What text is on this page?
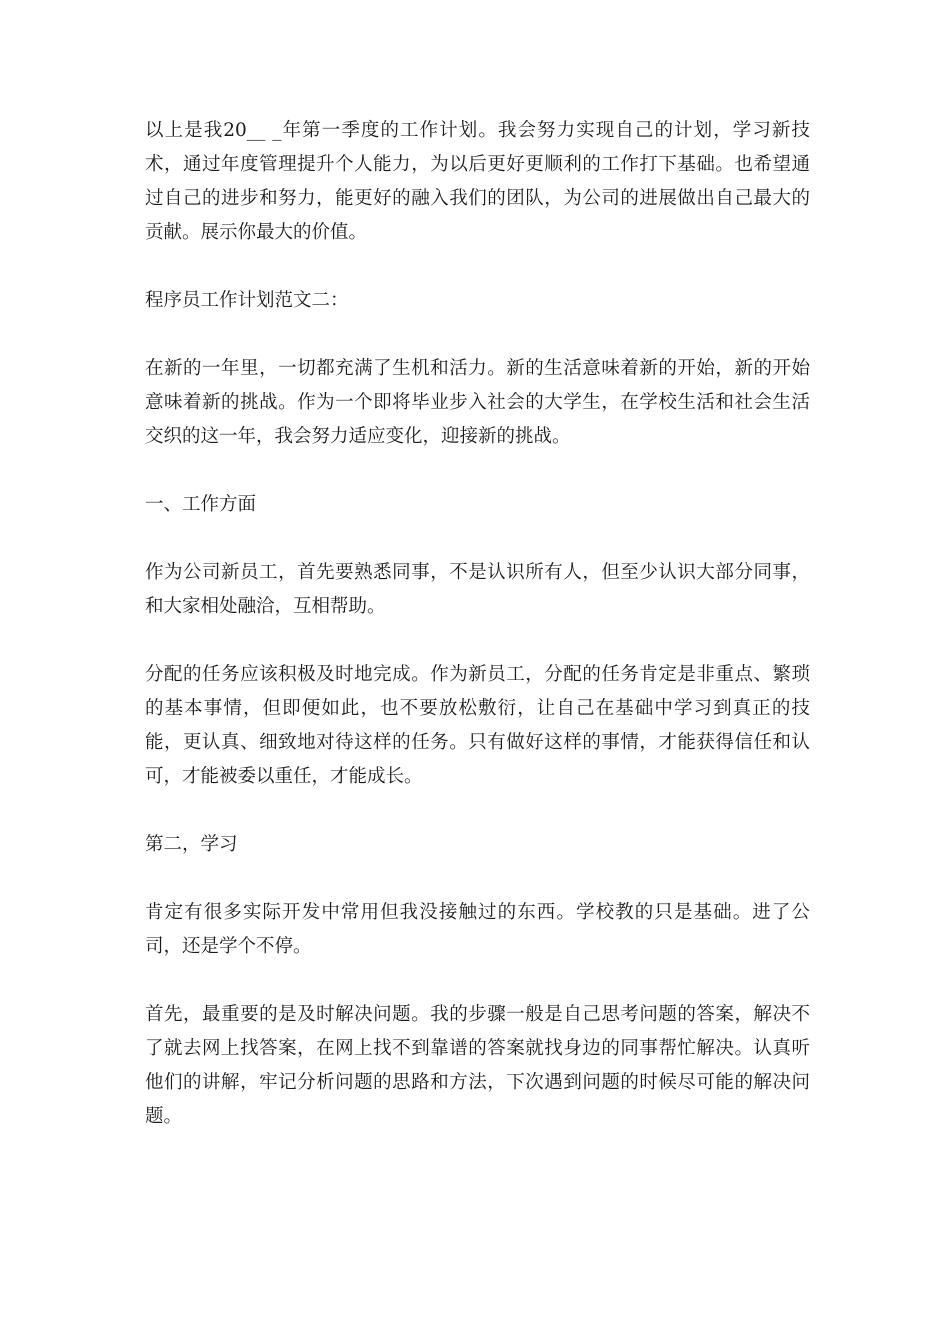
以上是我20__ _年第一季度的工作计划。我会努力实现自己的计划，学习新技术，通过年度管理提升个人能力，为以后更好更顺利的工作打下基础。也希望通过自己的进步和努力，能更好的融入我们的团队，为公司的进展做出自己最大的贡献。展示你最大的价值。

程序员工作计划范文二：

在新的一年里，一切都充满了生机和活力。新的生活意味着新的开始，新的开始意味着新的挑战。作为一个即将毕业步入社会的大学生，在学校生活和社会生活交织的这一年，我会努力适应变化，迎接新的挑战。

一、工作方面

作为公司新员工，首先要熟悉同事，不是认识所有人，但至少认识大部分同事，和大家相处融洽，互相帮助。

分配的任务应该积极及时地完成。作为新员工，分配的任务肯定是非重点、繁琐的基本事情，但即便如此，也不要放松敷衍，让自己在基础中学习到真正的技能，更认真、细致地对待这样的任务。只有做好这样的事情，才能获得信任和认可，才能被委以重任，才能成长。

第二，学习

肯定有很多实际开发中常用但我没接触过的东西。学校教的只是基础。进了公司，还是学个不停。

首先，最重要的是及时解决问题。我的步骤一般是自己思考问题的答案，解决不了就去网上找答案，在网上找不到靠谱的答案就找身边的同事帮忙解决。认真听他们的讲解，牢记分析问题的思路和方法，下次遇到问题的时候尽可能的解决问题。
